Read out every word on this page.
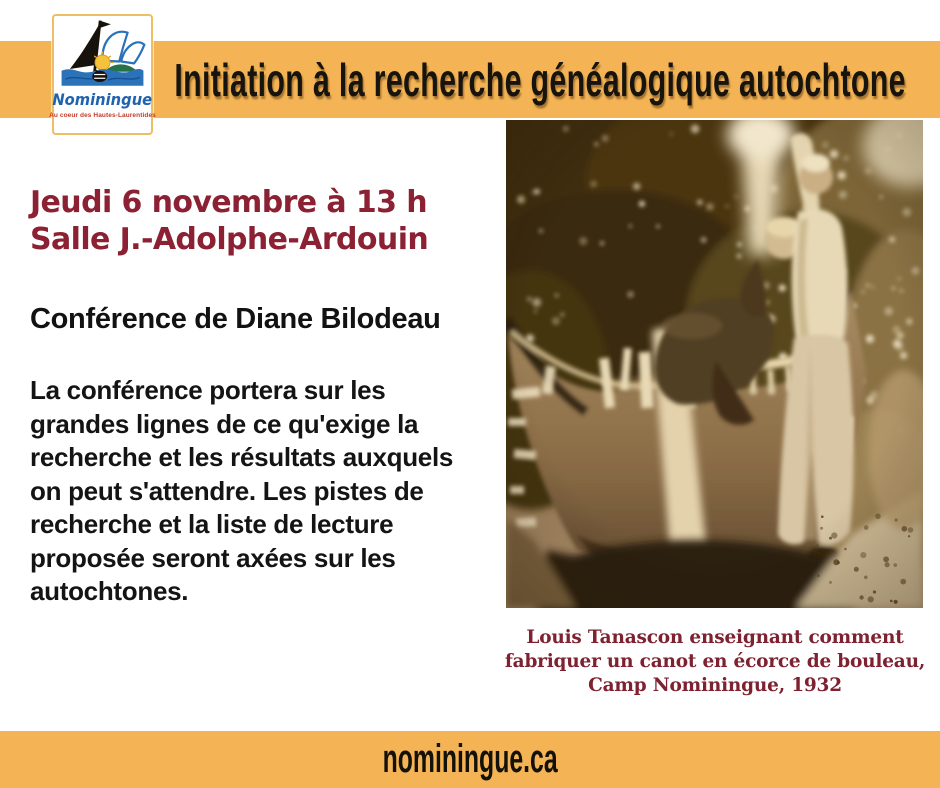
Initiation à la recherche généalogique autochtone
Nominingue
Au coeur des Hautes-Laurentides
Jeudi 6 novembre à 13 h
Salle J.-Adolphe-Ardouin
Conférence de Diane Bilodeau
La conférence portera sur les
grandes lignes de ce qu'exige la
recherche et les résultats auxquels
on peut s'attendre. Les pistes de
recherche et la liste de lecture
proposée seront axées sur les
autochtones.
Louis Tanascon enseignant comment
fabriquer un canot en écorce de bouleau,
Camp Nominingue, 1932
nominingue.ca
